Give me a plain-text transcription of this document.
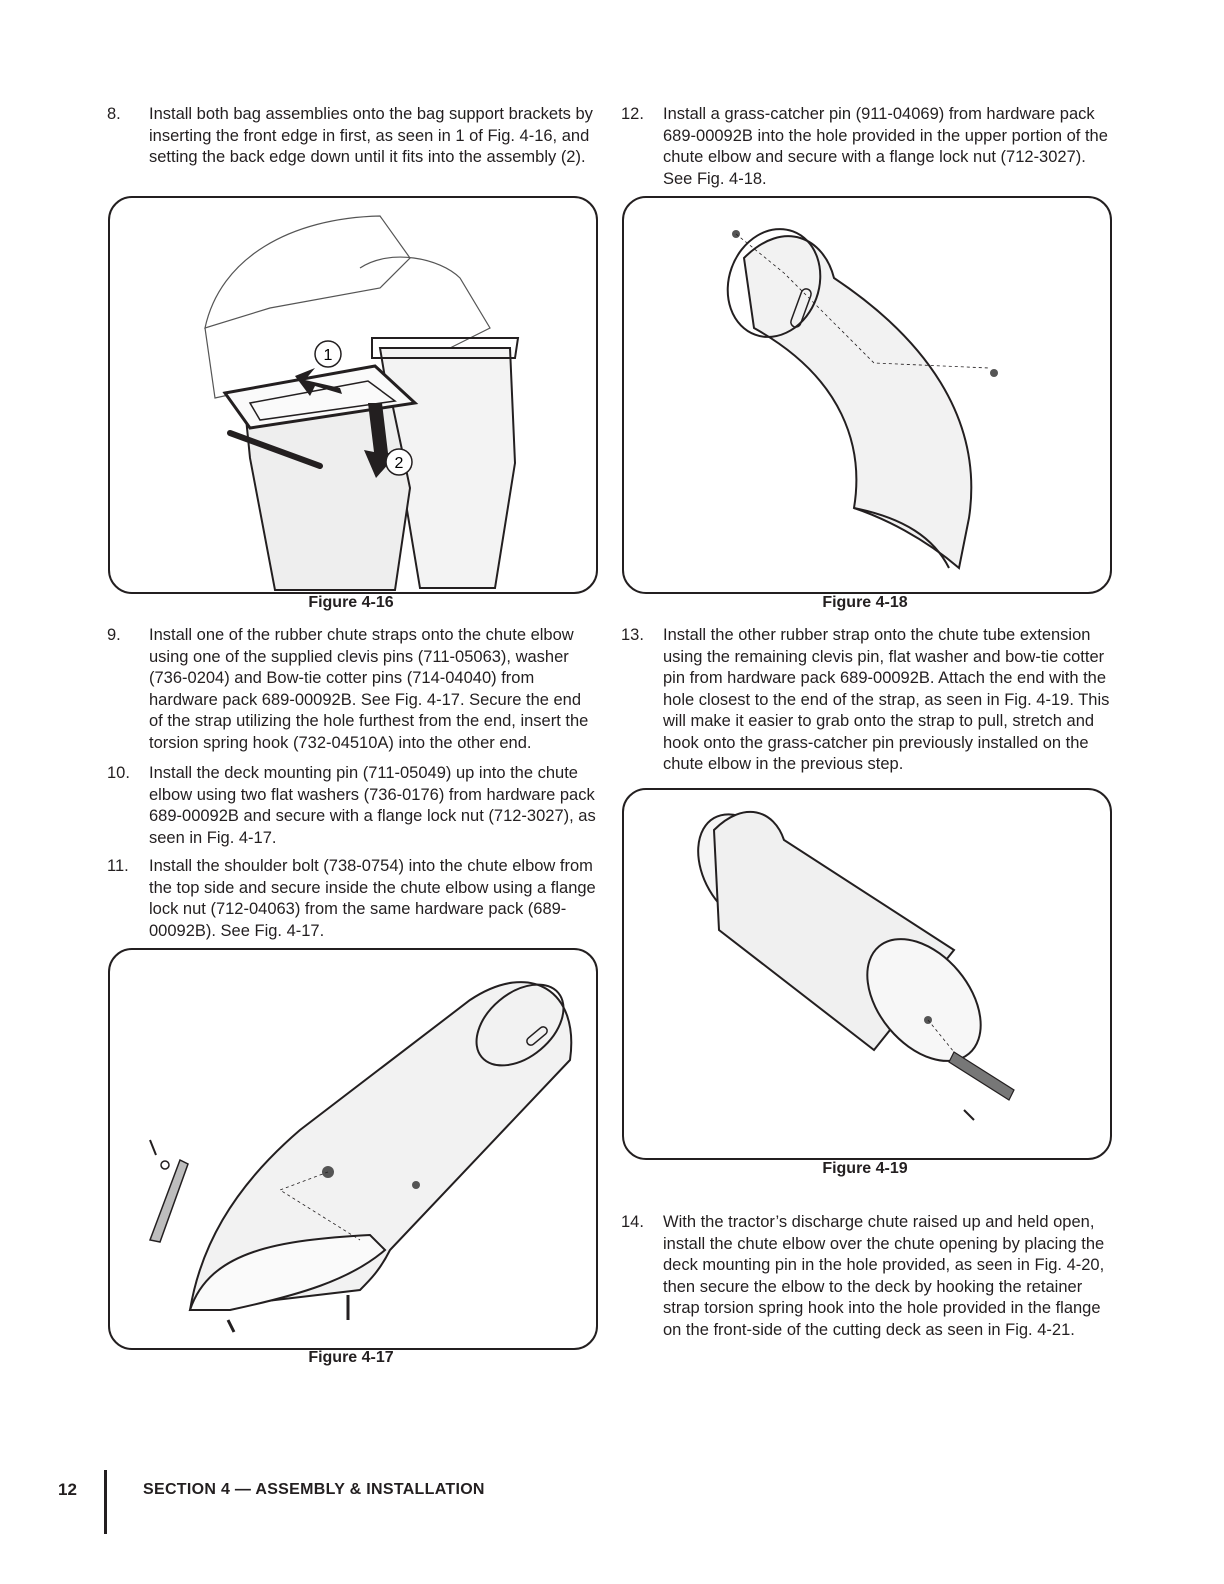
8.	Install both bag assemblies onto the bag support brackets by inserting the front edge in first, as seen in 1 of Fig. 4-16, and setting the back edge down until it fits into the assembly (2).
1
2
Figure 4-16
9.	Install one of the rubber chute straps onto the chute elbow using one of the supplied clevis pins (711-05063), washer (736-0204) and Bow-tie cotter pins (714-04040) from hardware pack 689-00092B. See Fig. 4-17. Secure the end of the strap utilizing the hole furthest from the end, insert the torsion spring hook (732-04510A) into the other end.
10.	Install the deck mounting pin (711-05049) up into the chute elbow using two flat washers (736-0176) from hardware pack 689-00092B and secure with a flange lock nut (712-3027), as seen in Fig. 4-17.
11.	Install the shoulder bolt (738-0754) into the chute elbow from the top side and secure inside the chute elbow using a flange lock nut (712-04063) from the same hardware pack (689-00092B). See Fig. 4-17.
Figure 4-17
12.	Install a grass-catcher pin (911-04069) from hardware pack 689-00092B into the hole provided in the upper portion of the chute elbow and secure with a flange lock nut (712-3027). See Fig. 4-18.
Figure 4-18
13.	Install the other rubber strap onto the chute tube extension using the remaining clevis pin, flat washer and bow-tie cotter pin from hardware pack 689-00092B. Attach the end with the hole closest to the end of the strap, as seen in Fig. 4-19. This will make it easier to grab onto the strap to pull, stretch and hook onto the grass-catcher pin previously installed on the chute elbow in the previous step.
Figure 4-19
14.	With the tractor’s discharge chute raised up and held open, install the chute elbow over the chute opening by placing the deck mounting pin in the hole provided, as seen in Fig. 4-20, then secure the elbow to the deck by hooking the retainer strap torsion spring hook into the hole provided in the flange on the front-side of the cutting deck as seen in Fig. 4-21.
12	SECTION 4 — ASSEMBLY & INSTALLATION
